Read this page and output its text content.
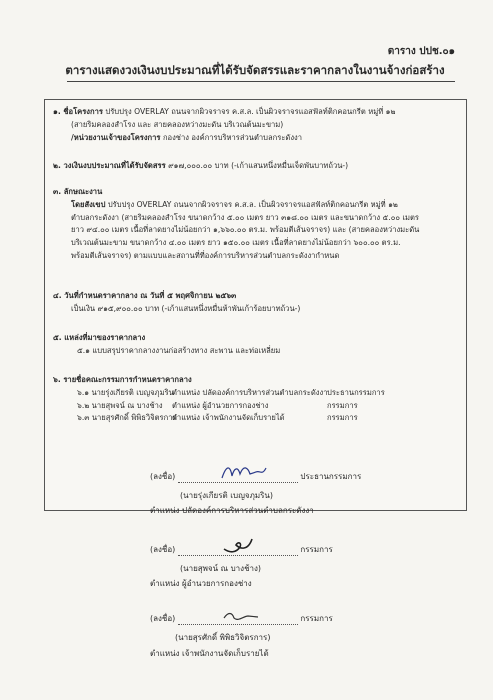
ตาราง ปปช.๐๑
ตารางแสดงวงเงินงบประมาณที่ได้รับจัดสรรและราคากลางในงานจ้างก่อสร้าง

๑. ชื่อโครงการ ปรับปรุง OVERLAY ถนนจากผิวจราจร ค.ส.ล. เป็นผิวจราจรแอสฟัลท์ติกคอนกรีต หมู่ที่ ๑๒

(สายริมคลองสำโรง และ สายคลองหว่างมะดัน บริเวณต้นมะขาม)

/หน่วยงานเจ้าของโครงการ กองช่าง องค์การบริหารส่วนตำบลกระดังงา

๒. วงเงินงบประมาณที่ได้รับจัดสรร ๙๑๗,๐๐๐.๐๐ บาท (-เก้าแสนหนึ่งหมื่นเจ็ดพันบาทถ้วน-)

๓. ลักษณะงาน

โดยสังเขป ปรับปรุง OVERLAY ถนนจากผิวจราจร ค.ส.ล. เป็นผิวจราจรแอสฟัลท์ติกคอนกรีต หมู่ที่ ๑๒

ตำบลกระดังงา (สายริมคลองสำโรง ขนาดกว้าง ๕.๐๐ เมตร ยาว ๓๑๘.๐๐ เมตร และขนาดกว้าง ๕.๐๐ เมตร

ยาว ๙๔.๐๐ เมตร เนื้อที่ลาดยางไม่น้อยกว่า ๑,๖๖๐.๐๐ ตร.ม. พร้อมตีเส้นจราจร) และ (สายคลองหว่างมะดัน

บริเวณต้นมะขาม ขนาดกว้าง ๔.๐๐ เมตร ยาว ๑๕๐.๐๐ เมตร เนื้อที่ลาดยางไม่น้อยกว่า ๖๐๐.๐๐ ตร.ม.

พร้อมตีเส้นจราจร) ตามแบบและสถานที่ที่องค์การบริหารส่วนตำบลกระดังงากำหนด

๔. วันที่กำหนดราคากลาง ณ วันที่ ๕ พฤศจิกายน ๒๕๖๓

เป็นเงิน ๙๑๕,๙๐๐.๐๐ บาท (-เก้าแสนหนึ่งหมื่นห้าพันเก้าร้อยบาทถ้วน-)

๕. แหล่งที่มาของราคากลาง

๕.๑ แบบสรุปราคากลางงานก่อสร้างทาง สะพาน และท่อเหลี่ยม

๖. รายชื่อคณะกรรมการกำหนดราคากลาง

๖.๑ นายรุ่งเกียรติ เบญจภุมริน
ตำแหน่ง ปลัดองค์การบริหารส่วนตำบลกระดังงา ประธานกรรมการ
๖.๒ นายสุพจน์ ณ บางช้าง	ตำแหน่ง ผู้อำนวยการกองช่าง	กรรมการ
๖.๓ นายสุรศักดิ์ พิพิธวิจิตรการ
ตำแหน่ง เจ้าพนักงานจัดเก็บรายได้	กรรมการ
(ลงชื่อ)	ประธานกรรมการ
(นายรุ่งเกียรติ เบญจภุมริน)
ตำแหน่ง ปลัดองค์การบริหารส่วนตำบลกระดังงา
(ลงชื่อ)	กรรมการ
(นายสุพจน์ ณ บางช้าง)
ตำแหน่ง ผู้อำนวยการกองช่าง
(ลงชื่อ)	กรรมการ
(นายสุรศักดิ์ พิพิธวิจิตรการ)
ตำแหน่ง เจ้าพนักงานจัดเก็บรายได้
